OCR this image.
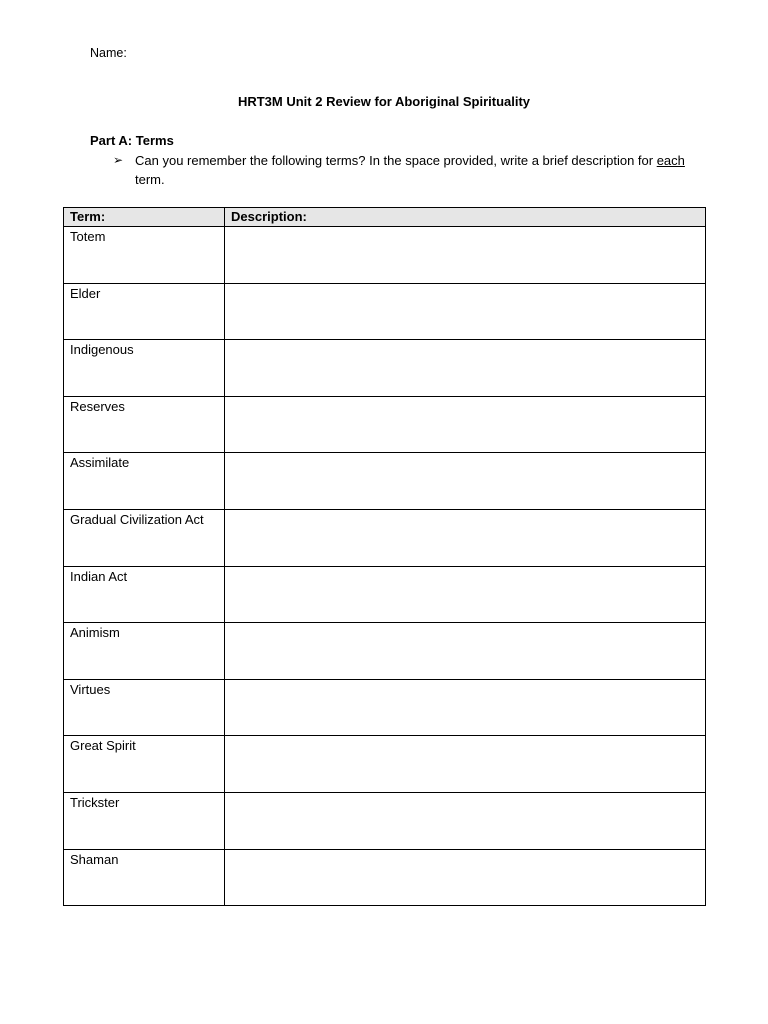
Name:
HRT3M Unit 2 Review for Aboriginal Spirituality
Part A: Terms
➢ Can you remember the following terms? In the space provided, write a brief description for each term.
Term:	Description:
Totem	
Elder	
Indigenous	
Reserves	
Assimilate	
Gradual Civilization Act	
Indian Act	
Animism	
Virtues	
Great Spirit	
Trickster	
Shaman	
